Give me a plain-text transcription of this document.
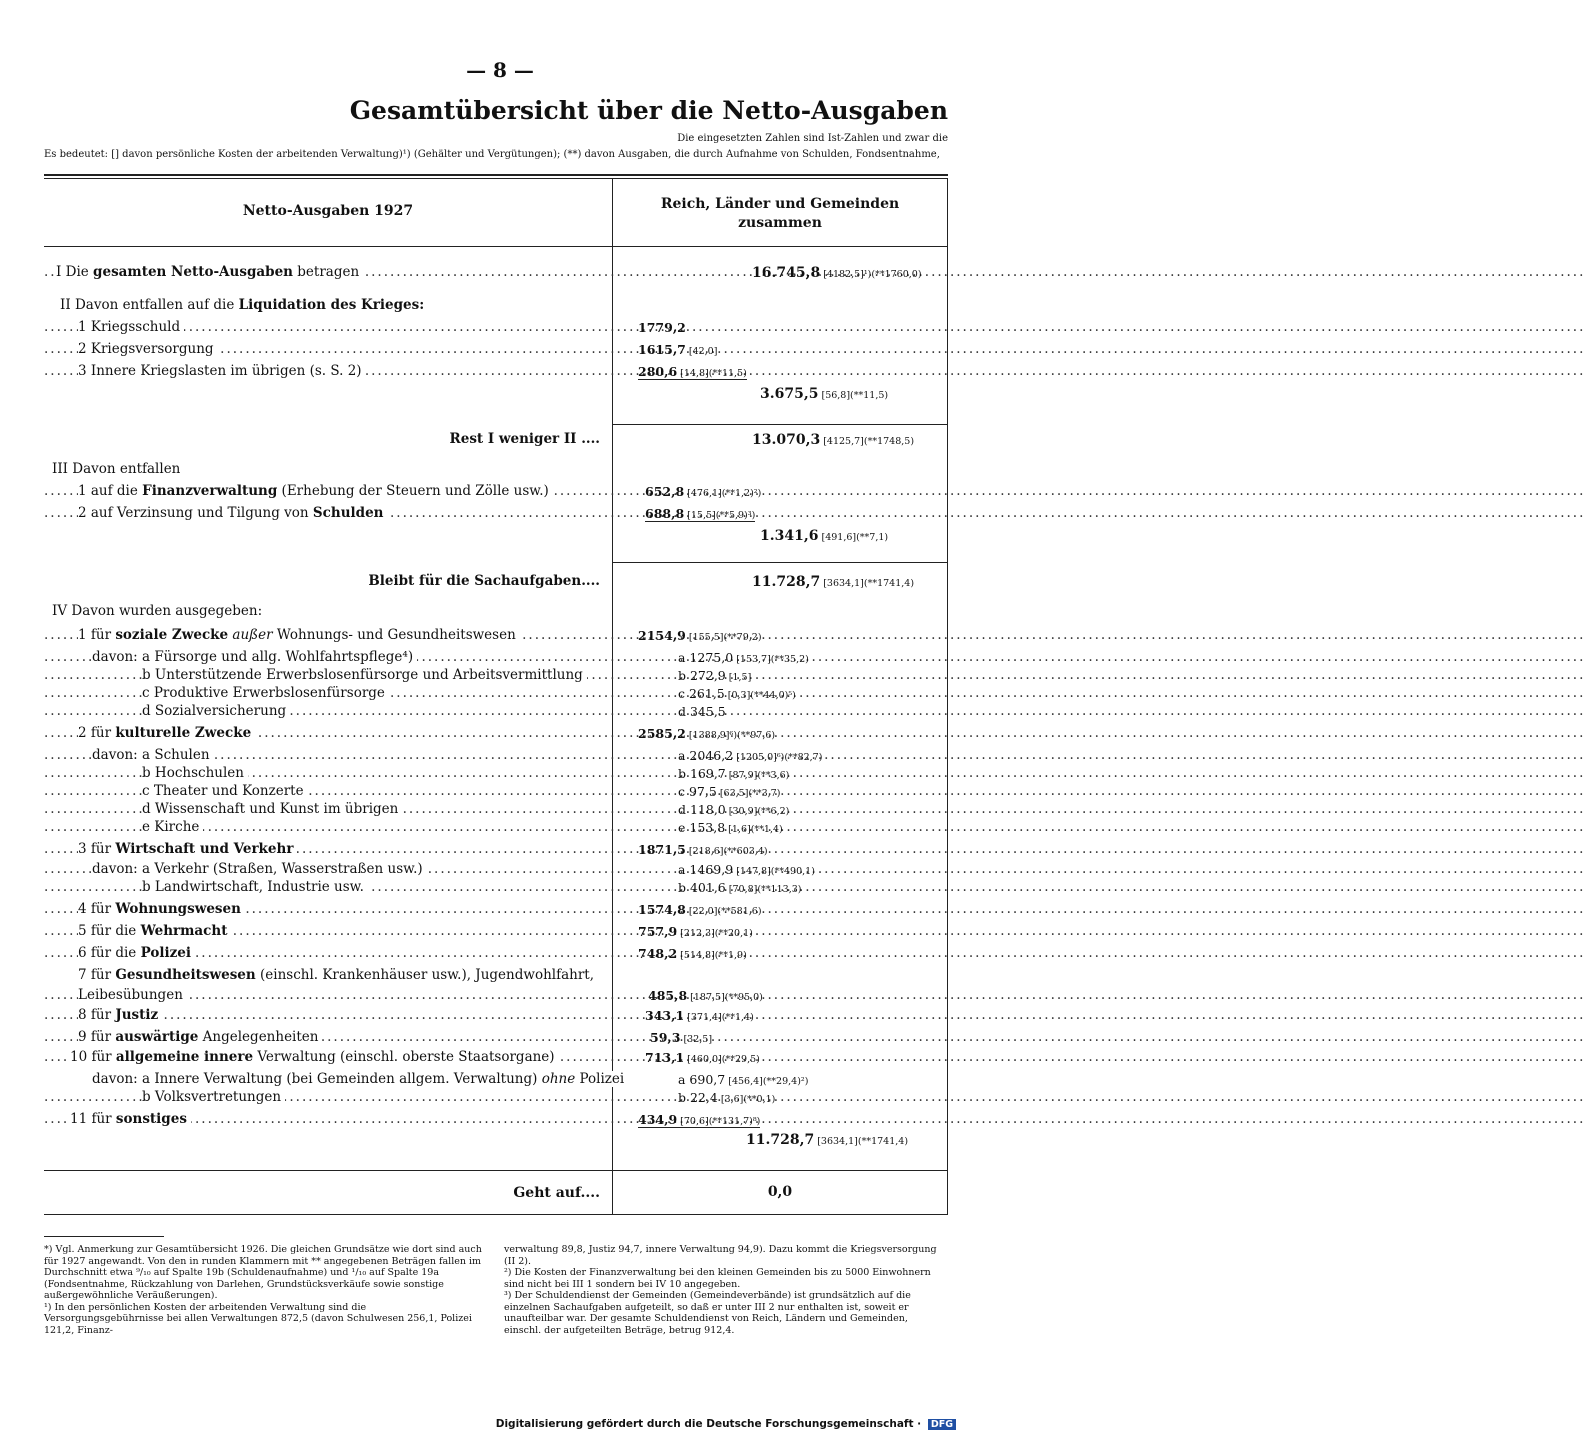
— 8 —
Gesamtübersicht über die Netto-Ausgaben
Die eingesetzten Zahlen sind Ist-Zahlen und zwar die
Es bedeutet: [] davon persönliche Kosten der arbeitenden Verwaltung)¹) (Gehälter und Vergütungen); (**) davon Ausgaben, die durch Aufnahme von Schulden, Fondsentnahme,
Netto-Ausgaben 1927	Reich, Länder und Gemeinden
zusammen
I Die gesamten Netto-Ausgaben betragen .....	16.745,8 [4182,5]¹)(**1760,0)
II Davon entfallen auf die Liquidation des Krieges:
1 Kriegsschuld .....	1779,2
2 Kriegsversorgung .....	1615,7 [42,0]
3 Innere Kriegslasten im übrigen (s. S. 2) .....	280,6 [14,8](**11,5)
3.675,5 [56,8](**11,5)
Rest I weniger II ....	13.070,3 [4125,7](**1748,5)
III Davon entfallen
1 auf die Finanzverwaltung (Erhebung der Steuern und Zölle usw.) .....	652,8 [476,1](**1,2)²)
2 auf Verzinsung und Tilgung von Schulden .....	688,8 [15,5](**5,9)³)
1.341,6 [491,6](**7,1)
Bleibt für die Sachaufgaben....	11.728,7 [3634,1](**1741,4)
IV Davon wurden ausgegeben:
1 für soziale Zwecke außer Wohnungs- und Gesundheitswesen .....	2154,9 [155,5](**79,2)
davon: a Fürsorge und allg. Wohlfahrtspflege⁴) .....	a 1275,0 [153,7](**35,2)
b Unterstützende Erwerbslosenfürsorge und Arbeitsvermittlung .....	b 272,9 [1,5]
c Produktive Erwerbslosenfürsorge .....	c 261,5 [0,3](**44,0)⁵)
d Sozialversicherung .....	d 345,5
2 für kulturelle Zwecke .....	2585,2 [1388,9]⁶)(**97,6)
davon: a Schulen .....	a 2046,2 [1205,0]⁶)(**82,7)
b Hochschulen .....	b 169,7 [87,9](**3,6)
c Theater und Konzerte .....	c 97,5 [63,5](**3,7)
d Wissenschaft und Kunst im übrigen .....	d 118,0 [30,9](**6,2)
e Kirche .....	e 153,8 [1,6](**1,4)
3 für Wirtschaft und Verkehr .....	1871,5 [218,6](**603,4)
davon: a Verkehr (Straßen, Wasserstraßen usw.) .....	a 1469,9 [147,8](**490,1)
b Landwirtschaft, Industrie usw. .....	b 401,6 [70,8](**113,3)
4 für Wohnungswesen .....	1574,8 [22,0](**581,6)
5 für die Wehrmacht .....	757,9 [212,3](**20,1)
6 für die Polizei .....	748,2 [514,8](**1,9)
7 für Gesundheitswesen (einschl. Krankenhäuser usw.), Jugendwohlfahrt,
Leibesübungen .....	485,8 [187,5](**95,0)
8 für Justiz .....	343,1 [371,4](**1,4)
9 für auswärtige Angelegenheiten .....	59,3 [32,5]
10 für allgemeine innere Verwaltung (einschl. oberste Staatsorgane) .....	713,1 [460,0](**29,5)
davon: a Innere Verwaltung (bei Gemeinden allgem. Verwaltung) ohne Polizei	a 690,7 [456,4](**29,4)²)
b Volksvertretungen .....	b 22,4 [3,6](**0,1)
11 für sonstiges .....	434,9 [70,6](**131,7)⁸)
11.728,7 [3634,1](**1741,4)
Geht auf....	0,0
*) Vgl. Anmerkung zur Gesamtübersicht 1926. Die gleichen Grundsätze wie dort sind auch für 1927 angewandt. Von den in runden Klammern mit ** angegebenen Beträgen fallen im Durchschnitt etwa ⁹/₁₀ auf Spalte 19b (Schuldenaufnahme) und ¹/₁₀ auf Spalte 19a (Fondsentnahme, Rückzahlung von Darlehen, Grundstücksverkäufe sowie sonstige außergewöhnliche Veräußerungen).
¹) In den persönlichen Kosten der arbeitenden Verwaltung sind die Versorgungsgebührnisse bei allen Verwaltungen 872,5 (davon Schulwesen 256,1, Polizei 121,2, Finanz-
verwaltung 89,8, Justiz 94,7, innere Verwaltung 94,9). Dazu kommt die Kriegsversorgung (II 2).
²) Die Kosten der Finanzverwaltung bei den kleinen Gemeinden bis zu 5000 Einwohnern sind nicht bei III 1 sondern bei IV 10 angegeben.
³) Der Schuldendienst der Gemeinden (Gemeindeverbände) ist grundsätzlich auf die einzelnen Sachaufgaben aufgeteilt, so daß er unter III 2 nur enthalten ist, soweit er unaufteilbar war. Der gesamte Schuldendienst von Reich, Ländern und Gemeinden, einschl. der aufgeteilten Beträge, betrug 912,4.
Digitalisierung gefördert durch die Deutsche Forschungsgemeinschaft · DFG
